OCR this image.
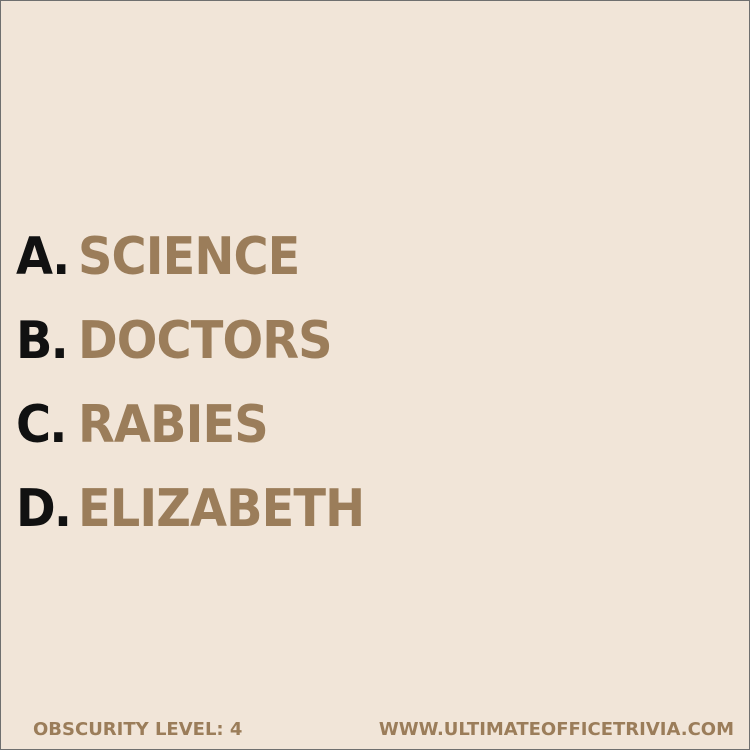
A. SCIENCE
B. DOCTORS
C. RABIES
D. ELIZABETH
OBSCURITY LEVEL: 4	WWW.ULTIMATEOFFICETRIVIA.COM
